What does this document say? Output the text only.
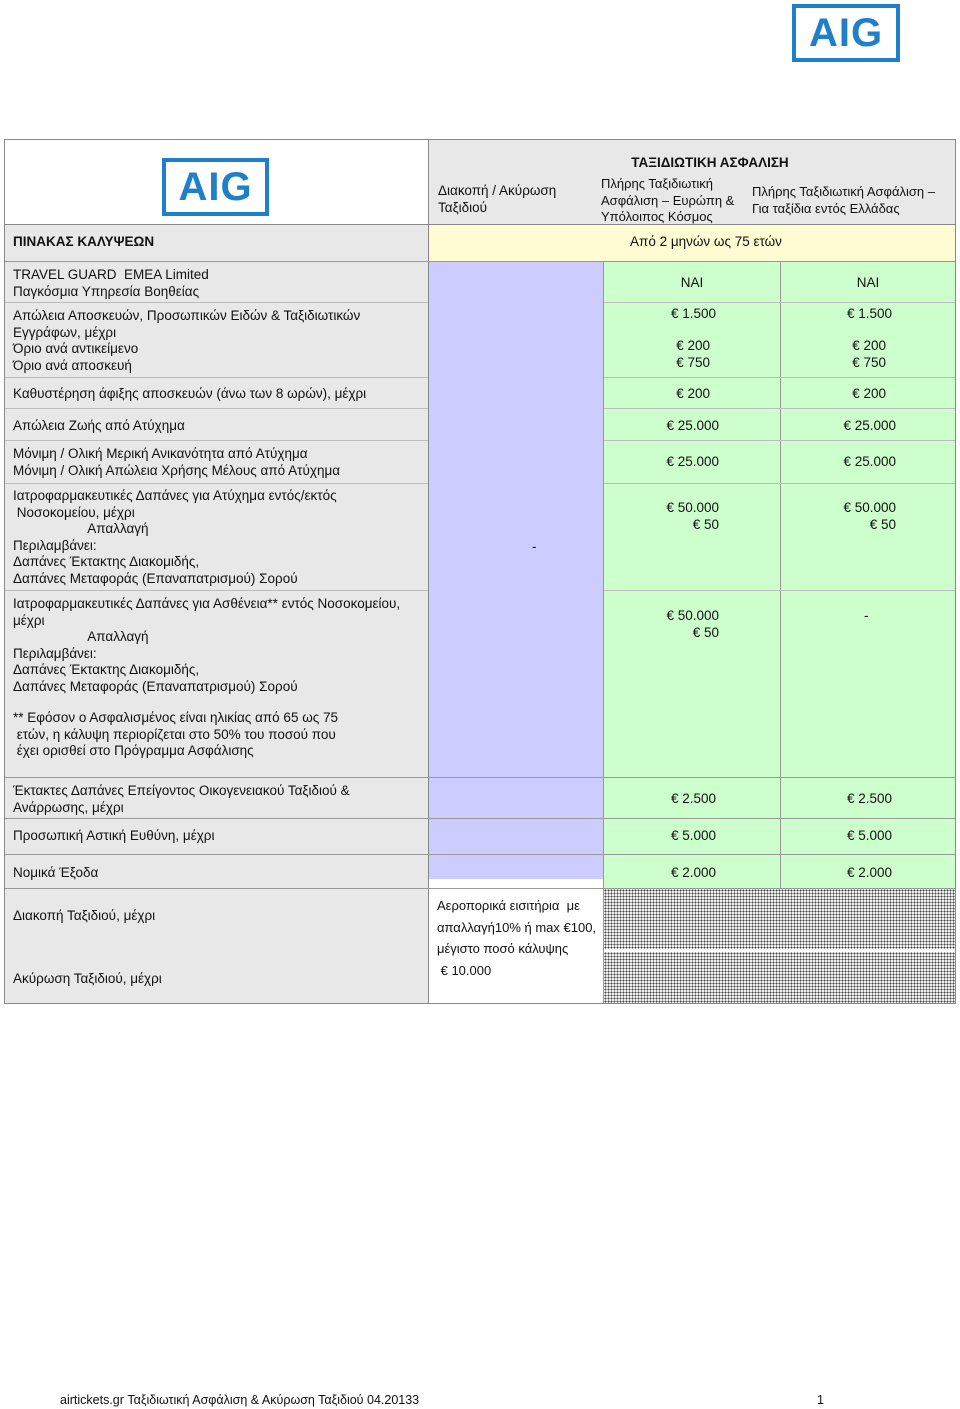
AIG
AIG
ΤΑΞΙΔΙΩΤΙΚΗ ΑΣΦΑΛΙΣΗ
Διακοπή / Ακύρωση
Ταξιδιού
Πλήρης Ταξιδιωτική
Ασφάλιση – Ευρώπη &
Υπόλοιπος Κόσμος
Πλήρης Ταξιδιωτική Ασφάλιση –
Για ταξίδια εντός Ελλάδας
ΠΙΝΑΚΑΣ ΚΑΛΥΨΕΩΝ	Από 2 μηνών ως 75 ετών
TRAVEL GUARD  EMEA Limited
Παγκόσμια Υπηρεσία Βοηθείας
Απώλεια Αποσκευών, Προσωπικών Ειδών & Ταξιδιωτικών
Εγγράφων, μέχρι
Όριο ανά αντικείμενο
Όριο ανά αποσκευή
Καθυστέρηση άφιξης αποσκευών (άνω των 8 ωρών), μέχρι
Απώλεια Ζωής από Ατύχημα
Μόνιμη / Ολική Μερική Ανικανότητα από Ατύχημα
Μόνιμη / Ολική Απώλεια Χρήσης Μέλους από Ατύχημα
Ιατροφαρμακευτικές Δαπάνες για Ατύχημα εντός/εκτός
Νοσοκομείου, μέχρι
Απαλλαγή
Περιλαμβάνει:
Δαπάνες Έκτακτης Διακομιδής,
Δαπάνες Μεταφοράς (Επαναπατρισμού) Σορού
Ιατροφαρμακευτικές Δαπάνες για Ασθένεια** εντός Νοσοκομείου,
μέχρι
Απαλλαγή
Περιλαμβάνει:
Δαπάνες Έκτακτης Διακομιδής,
Δαπάνες Μεταφοράς (Επαναπατρισμού) Σορού
** Εφόσον ο Ασφαλισμένος είναι ηλικίας από 65 ως 75
ετών, η κάλυψη περιορίζεται στο 50% του ποσού που
έχει ορισθεί στο Πρόγραμμα Ασφάλισης
Έκτακτες Δαπάνες Επείγοντος Οικογενειακού Ταξιδιού &
Ανάρρωσης, μέχρι
Προσωπική Αστική Ευθύνη, μέχρι
Νομικά Έξοδα
Διακοπή Ταξιδιού, μέχρι
Ακύρωση Ταξιδιού, μέχρι
-
ΝΑΙ
€ 1.500
€ 200
€ 750
€ 200
€ 25.000
€ 25.000
€ 50.000
€ 50
€ 50.000
€ 50
€ 2.500
€ 5.000
€ 2.000
ΝΑΙ
€ 1.500
€ 200
€ 750
€ 200
€ 25.000
€ 25.000
€ 50.000
€ 50
-
€ 2.500
€ 5.000
€ 2.000
Αεροπορικά εισιτήρια  με
απαλλαγή10% ή max €100,
μέγιστο ποσό κάλυψης
€ 10.000
airtickets.gr Ταξιδιωτική Ασφάλιση & Ακύρωση Ταξιδιού 04.20133	1
